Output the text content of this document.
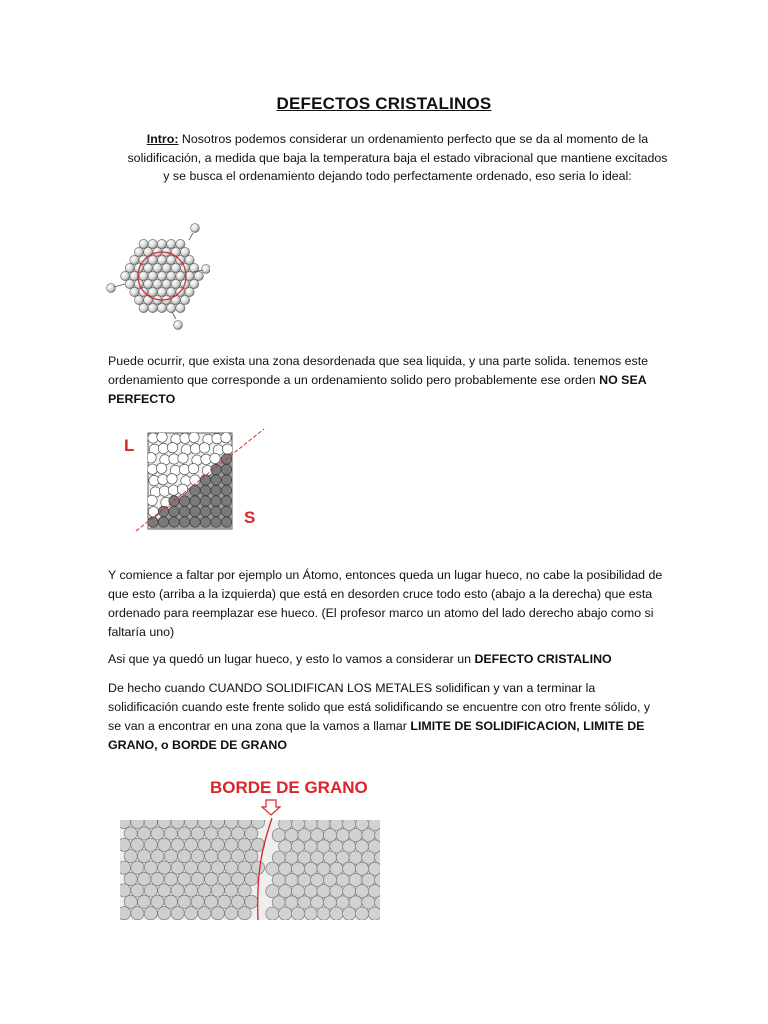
DEFECTOS CRISTALINOS
Intro: Nosotros podemos considerar un ordenamiento perfecto que se da al momento de la solidificación, a medida que baja la temperatura baja el estado vibracional que mantiene excitados y se busca el ordenamiento dejando todo perfectamente ordenado, eso seria lo ideal:
Puede ocurrir, que exista una zona desordenada que sea liquida, y una parte solida. tenemos este ordenamiento que corresponde a un ordenamiento solido pero probablemente ese orden NO SEA PERFECTO
L
S
Y comience a faltar por ejemplo un Átomo, entonces queda un lugar hueco, no cabe la posibilidad de que esto (arriba a la izquierda) que está en desorden cruce todo esto (abajo a la derecha) que esta ordenado para reemplazar ese hueco. (El profesor marco un atomo del lado derecho abajo como si faltaría uno)
Asi que ya quedó un lugar hueco, y esto lo vamos a considerar un DEFECTO CRISTALINO
De hecho cuando CUANDO SOLIDIFICAN LOS METALES solidifican y van a terminar la solidificación cuando este frente solido que está solidificando se encuentre con otro frente sólido, y se van a encontrar en una zona que la vamos a llamar LIMITE DE SOLIDIFICACION, LIMITE DE GRANO, o BORDE DE GRANO
BORDE DE GRANO
